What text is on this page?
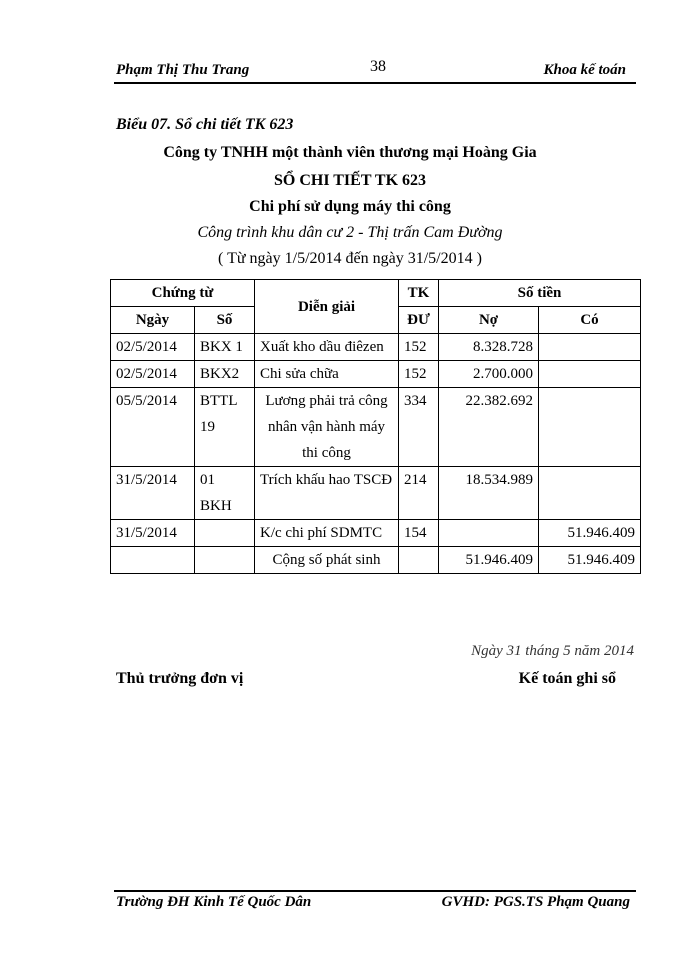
Phạm Thị Thu Trang	38	Khoa kế toán
Biểu 07. Sổ chi tiết TK 623
Công ty TNHH một thành viên thương mại Hoàng Gia
SỔ CHI TIẾT TK 623
Chi phí sử dụng máy thi công
Công trình khu dân cư 2 - Thị trấn Cam Đường
( Từ ngày 1/5/2014 đến ngày 31/5/2014 )
Chứng từ		Diễn giải	TK	Số tiền	
Ngày	Số		ĐƯ	Nợ	Có
02/5/2014	BKX 1	Xuất kho dầu điêzen	152	8.328.728	
02/5/2014	BKX2	Chi sửa chữa	152	2.700.000	
05/5/2014	BTTL 19	Lương phải trả công nhân vận hành máy thi công	334	22.382.692	
31/5/2014	01 BKH	Trích khấu hao TSCĐ	214	18.534.989	
31/5/2014		K/c chi phí SDMTC	154		51.946.409
		Cộng số phát sinh		51.946.409	51.946.409
Ngày 31 tháng 5 năm 2014
Thủ trưởng đơn vị	Kế toán ghi sổ
Trường ĐH Kinh Tế Quốc Dân	GVHD: PGS.TS Phạm Quang
